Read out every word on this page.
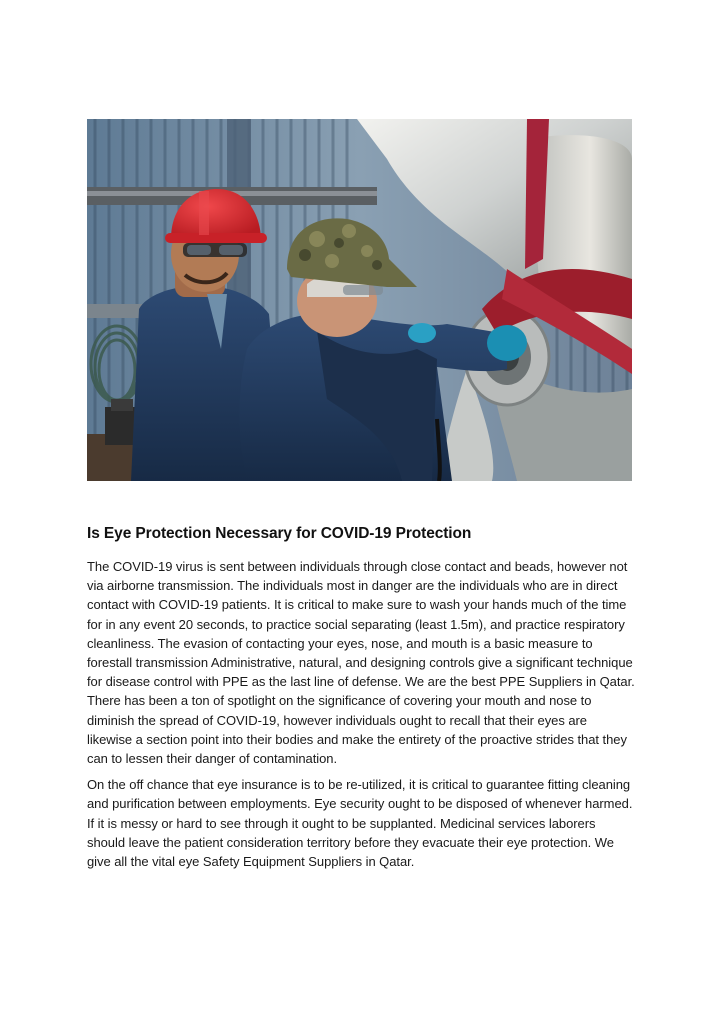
Is Eye Protection Necessary for COVID-19 Protection

The COVID-19 virus is sent between individuals through close contact and beads, however not via airborne transmission. The individuals most in danger are the individuals who are in direct contact with COVID-19 patients. It is critical to make sure to wash your hands much of the time for in any event 20 seconds, to practice social separating (least 1.5m), and practice respiratory cleanliness. The evasion of contacting your eyes, nose, and mouth is a basic measure to forestall transmission Administrative, natural, and designing controls give a significant technique for disease control with PPE as the last line of defense. We are the best PPE Suppliers in Qatar. There has been a ton of spotlight on the significance of covering your mouth and nose to diminish the spread of COVID-19, however individuals ought to recall that their eyes are likewise a section point into their bodies and make the entirety of the proactive strides that they can to lessen their danger of contamination.

On the off chance that eye insurance is to be re-utilized, it is critical to guarantee fitting cleaning and purification between employments. Eye security ought to be disposed of whenever harmed. If it is messy or hard to see through it ought to be supplanted. Medicinal services laborers should leave the patient consideration territory before they evacuate their eye protection. We give all the vital eye Safety Equipment Suppliers in Qatar.
